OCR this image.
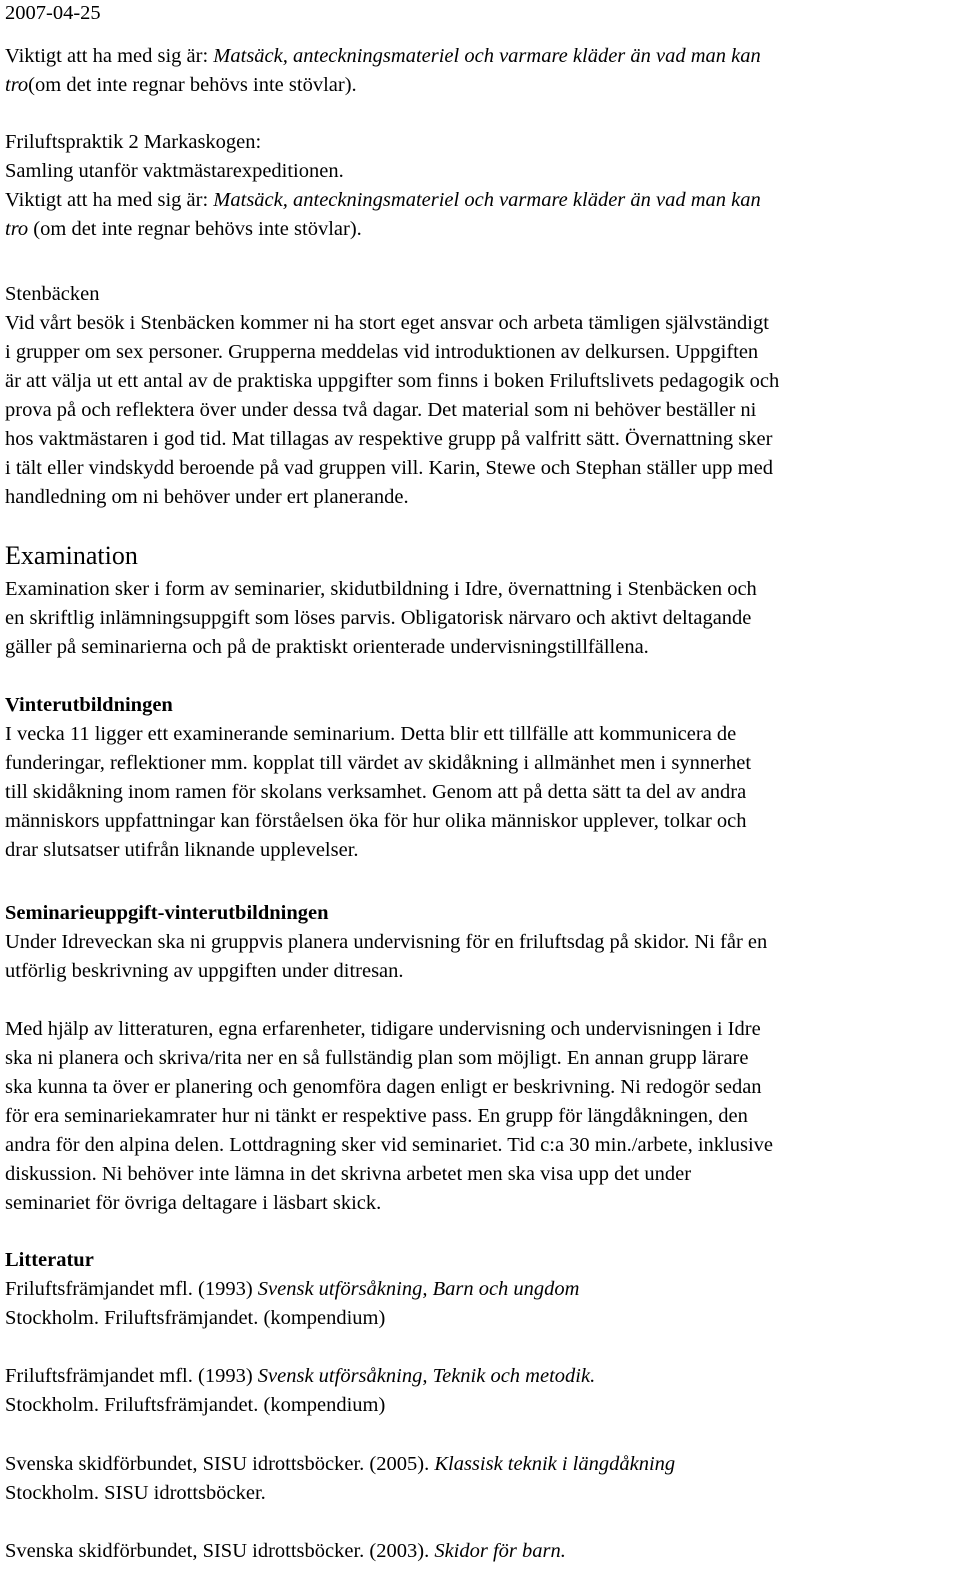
2007-04-25
Viktigt att ha med sig är: Matsäck, anteckningsmateriel och varmare kläder än vad man kan
tro(om det inte regnar behövs inte stövlar).
Friluftspraktik 2 Markaskogen:
Samling utanför vaktmästarexpeditionen.
Viktigt att ha med sig är: Matsäck, anteckningsmateriel och varmare kläder än vad man kan
tro (om det inte regnar behövs inte stövlar).
Stenbäcken
Vid vårt besök i Stenbäcken kommer ni ha stort eget ansvar och arbeta tämligen självständigt
i grupper om sex personer. Grupperna meddelas vid introduktionen av delkursen. Uppgiften
är att välja ut ett antal av de praktiska uppgifter som finns i boken Friluftslivets pedagogik och
prova på och reflektera över under dessa två dagar. Det material som ni behöver beställer ni
hos vaktmästaren i god tid. Mat tillagas av respektive grupp på valfritt sätt. Övernattning sker
i tält eller vindskydd beroende på vad gruppen vill. Karin, Stewe och Stephan ställer upp med
handledning om ni behöver under ert planerande.
Examination
Examination sker i form av seminarier, skidutbildning i Idre, övernattning i Stenbäcken och
en skriftlig inlämningsuppgift som löses parvis. Obligatorisk närvaro och aktivt deltagande
gäller på seminarierna och på de praktiskt orienterade undervisningstillfällena.
Vinterutbildningen
I vecka 11 ligger ett examinerande seminarium. Detta blir ett tillfälle att kommunicera de
funderingar, reflektioner mm. kopplat till värdet av skidåkning i allmänhet men i synnerhet
till skidåkning inom ramen för skolans verksamhet. Genom att på detta sätt ta del av andra
människors uppfattningar kan förståelsen öka för hur olika människor upplever, tolkar och
drar slutsatser utifrån liknande upplevelser.
Seminarieuppgift-vinterutbildningen
Under Idreveckan ska ni gruppvis planera undervisning för en friluftsdag på skidor. Ni får en
utförlig beskrivning av uppgiften under ditresan.
Med hjälp av litteraturen, egna erfarenheter, tidigare undervisning och undervisningen i Idre
ska ni planera och skriva/rita ner en så fullständig plan som möjligt. En annan grupp lärare
ska kunna ta över er planering och genomföra dagen enligt er beskrivning. Ni redogör sedan
för era seminariekamrater hur ni tänkt er respektive pass. En grupp för längdåkningen, den
andra för den alpina delen. Lottdragning sker vid seminariet. Tid c:a 30 min./arbete, inklusive
diskussion. Ni behöver inte lämna in det skrivna arbetet men ska visa upp det under
seminariet för övriga deltagare i läsbart skick.
Litteratur
Friluftsfrämjandet mfl. (1993) Svensk utförsåkning, Barn och ungdom
Stockholm. Friluftsfrämjandet. (kompendium)
Friluftsfrämjandet mfl. (1993) Svensk utförsåkning, Teknik och metodik.
Stockholm. Friluftsfrämjandet. (kompendium)
Svenska skidförbundet, SISU idrottsböcker. (2005). Klassisk teknik i längdåkning
Stockholm. SISU idrottsböcker.
Svenska skidförbundet, SISU idrottsböcker. (2003). Skidor för barn.
